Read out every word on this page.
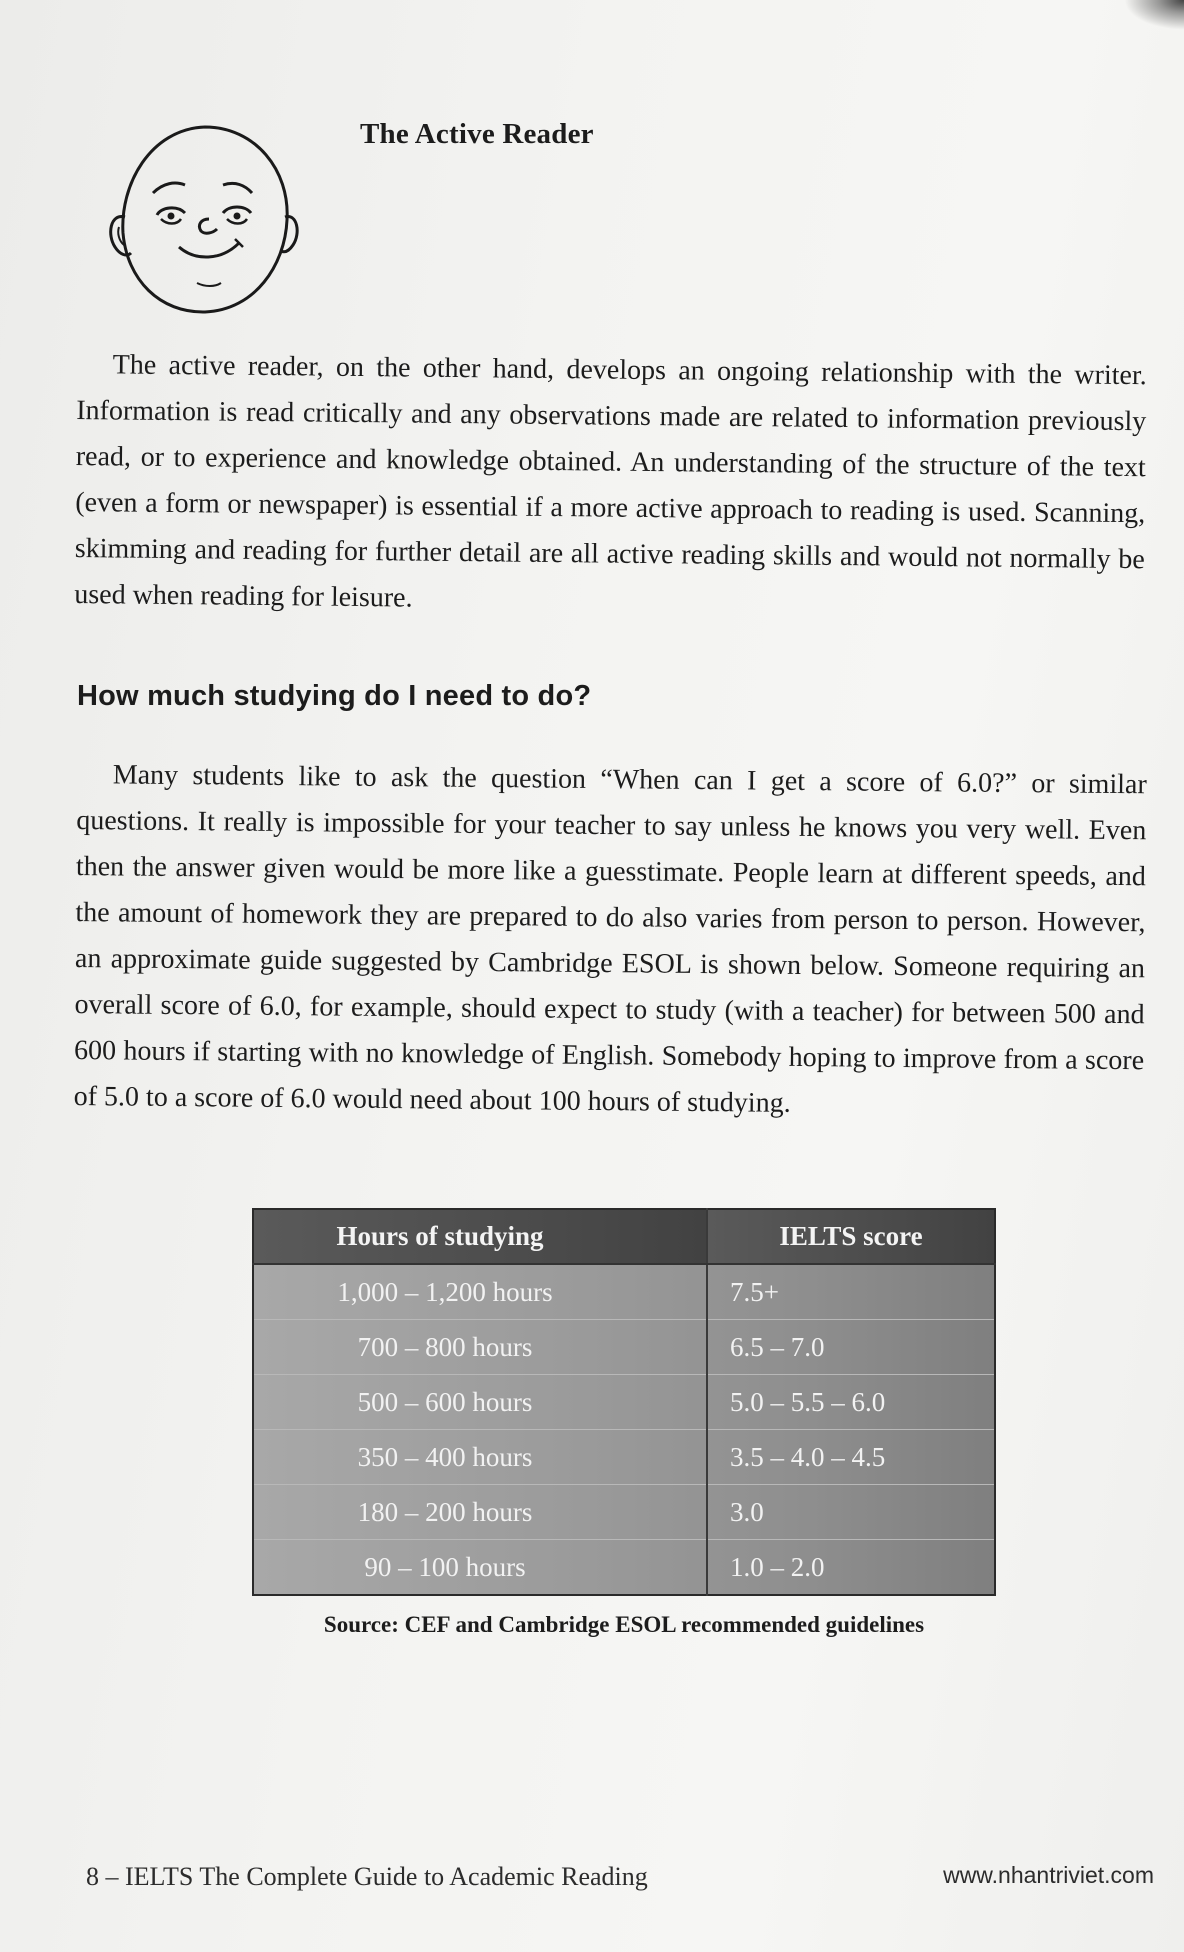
The Active Reader

The active reader, on the other hand, develops an ongoing relationship with the writer. Information is read critically and any observations made are related to information previously read, or to experience and knowledge obtained. An understanding of the structure of the text (even a form or newspaper) is essential if a more active approach to reading is used. Scanning, skimming and reading for further detail are all active reading skills and would not normally be used when reading for leisure.

How much studying do I need to do?

Many students like to ask the question “When can I get a score of 6.0?” or similar questions. It really is impossible for your teacher to say unless he knows you very well. Even then the answer given would be more like a guesstimate. People learn at different speeds, and the amount of homework they are prepared to do also varies from person to person. However, an approximate guide suggested by Cambridge ESOL is shown below. Someone requiring an overall score of 6.0, for example, should expect to study (with a teacher) for between 500 and 600 hours if starting with no knowledge of English. Somebody hoping to improve from a score of 5.0 to a score of 6.0 would need about 100 hours of studying.

Hours of studying	IELTS score
1,000 – 1,200 hours	7.5+
700 – 800 hours	6.5 – 7.0
500 – 600 hours	5.0 – 5.5 – 6.0
350 – 400 hours	3.5 – 4.0 – 4.5
180 – 200 hours	3.0
90 – 100 hours	1.0 – 2.0
Source: CEF and Cambridge ESOL recommended guidelines
8 – IELTS The Complete Guide to Academic Reading	www.nhantriviet.com
